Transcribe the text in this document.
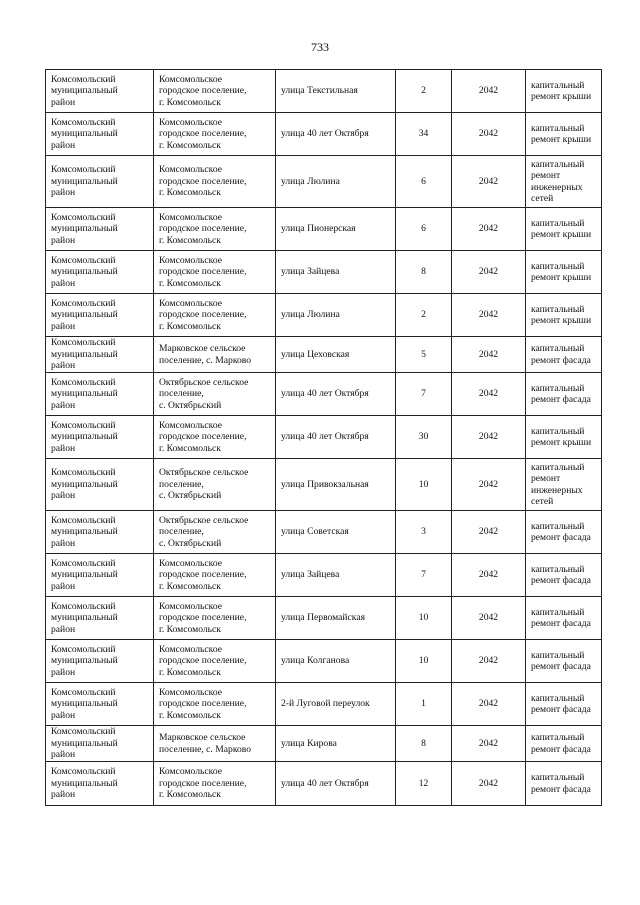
733
Комсомольский
муниципальный
район	Комсомольское
городское поселение,
г. Комсомольск	улица Текстильная	2	2042	капитальный
ремонт крыши
Комсомольский
муниципальный
район	Комсомольское
городское поселение,
г. Комсомольск	улица 40 лет Октября	34	2042	капитальный
ремонт крыши
Комсомольский
муниципальный
район	Комсомольское
городское поселение,
г. Комсомольск	улица Люлина	6	2042	капитальный
ремонт
инженерных
сетей
Комсомольский
муниципальный
район	Комсомольское
городское поселение,
г. Комсомольск	улица Пионерская	6	2042	капитальный
ремонт крыши
Комсомольский
муниципальный
район	Комсомольское
городское поселение,
г. Комсомольск	улица Зайцева	8	2042	капитальный
ремонт крыши
Комсомольский
муниципальный
район	Комсомольское
городское поселение,
г. Комсомольск	улица Люлина	2	2042	капитальный
ремонт крыши
Комсомольский
муниципальный
район	Марковское сельское
поселение, с. Марково	улица Цеховская	5	2042	капитальный
ремонт фасада
Комсомольский
муниципальный
район	Октябрьское сельское
поселение,
с. Октябрьский	улица 40 лет Октября	7	2042	капитальный
ремонт фасада
Комсомольский
муниципальный
район	Комсомольское
городское поселение,
г. Комсомольск	улица 40 лет Октября	30	2042	капитальный
ремонт крыши
Комсомольский
муниципальный
район	Октябрьское сельское
поселение,
с. Октябрьский	улица Привокзальная	10	2042	капитальный
ремонт
инженерных
сетей
Комсомольский
муниципальный
район	Октябрьское сельское
поселение,
с. Октябрьский	улица Советская	3	2042	капитальный
ремонт фасада
Комсомольский
муниципальный
район	Комсомольское
городское поселение,
г. Комсомольск	улица Зайцева	7	2042	капитальный
ремонт фасада
Комсомольский
муниципальный
район	Комсомольское
городское поселение,
г. Комсомольск	улица Первомайская	10	2042	капитальный
ремонт фасада
Комсомольский
муниципальный
район	Комсомольское
городское поселение,
г. Комсомольск	улица Колганова	10	2042	капитальный
ремонт фасада
Комсомольский
муниципальный
район	Комсомольское
городское поселение,
г. Комсомольск	2-й Луговой переулок	1	2042	капитальный
ремонт фасада
Комсомольский
муниципальный
район	Марковское сельское
поселение, с. Марково	улица Кирова	8	2042	капитальный
ремонт фасада
Комсомольский
муниципальный
район	Комсомольское
городское поселение,
г. Комсомольск	улица 40 лет Октября	12	2042	капитальный
ремонт фасада
